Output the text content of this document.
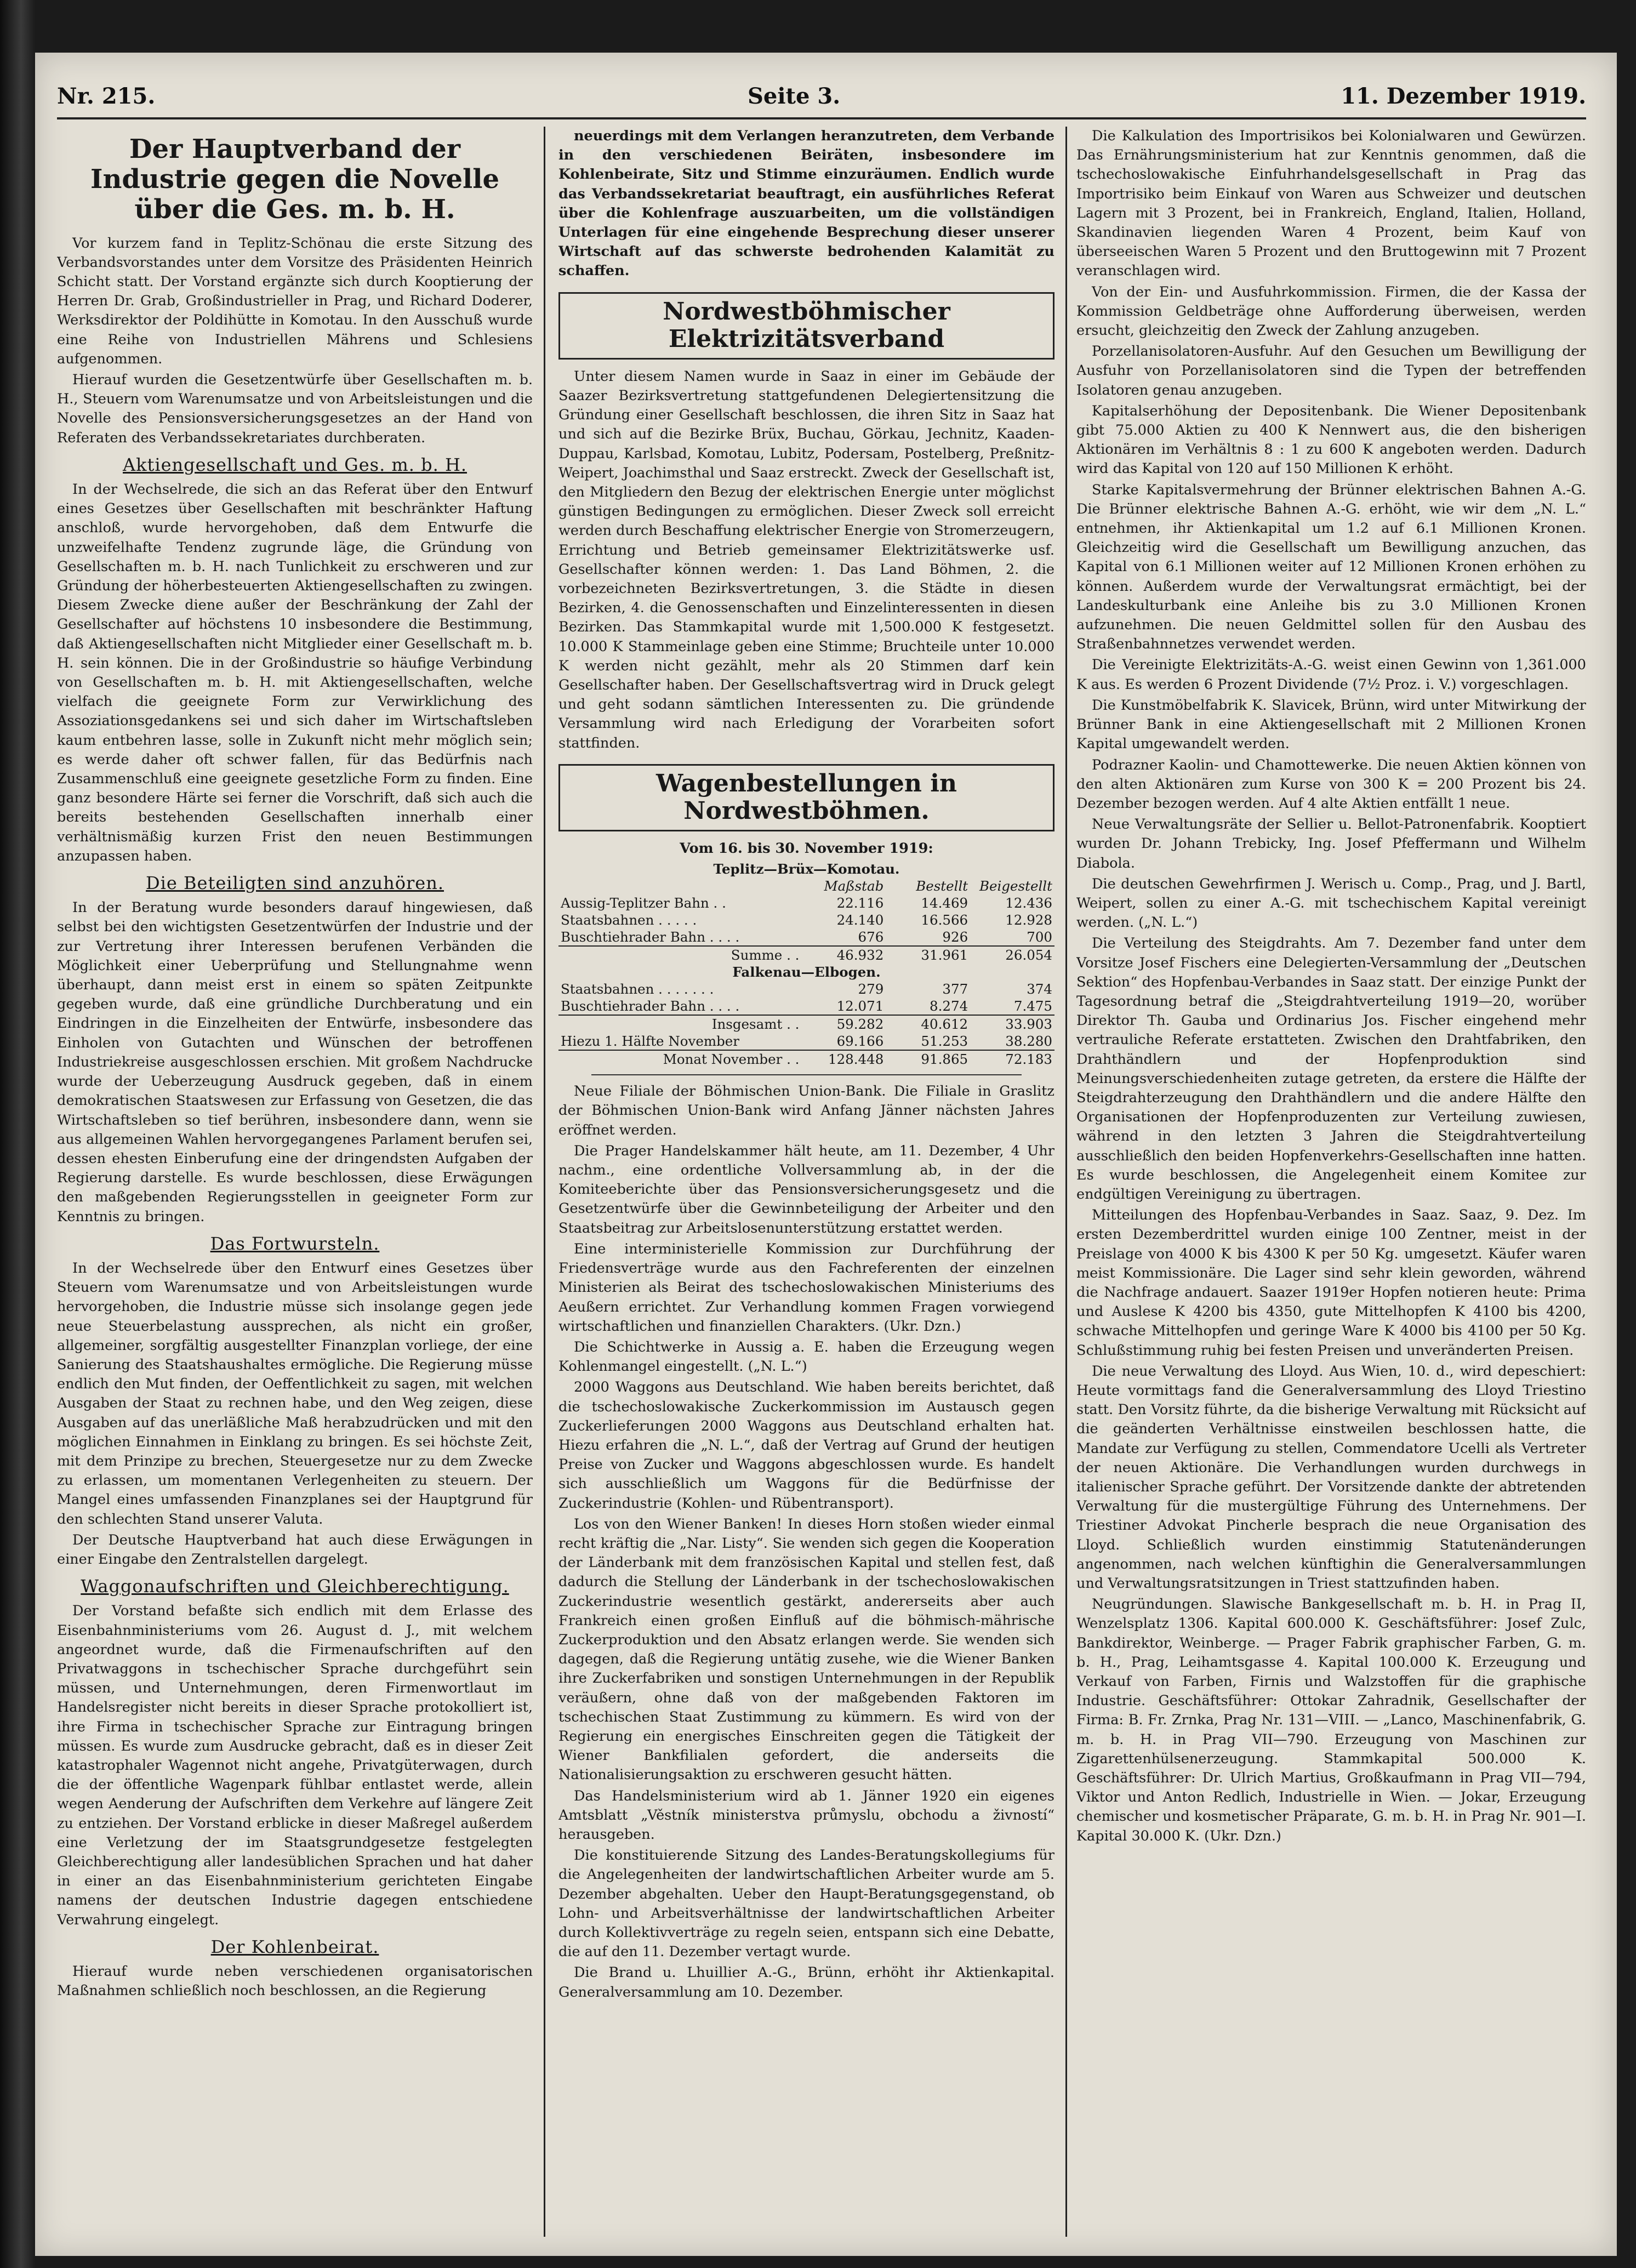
Nr. 215.	Seite 3.	11. Dezember 1919.
Der Hauptverband der Industrie gegen die Novelle über die Ges. m. b. H.

Vor kurzem fand in Teplitz-Schönau die erste Sitzung des Verbandsvorstandes unter dem Vorsitze des Präsidenten Heinrich Schicht statt. Der Vorstand ergänzte sich durch Kooptierung der Herren Dr. Grab, Großindustrieller in Prag, und Richard Doderer, Werksdirektor der Poldihütte in Komotau. In den Ausschuß wurde eine Reihe von Industriellen Mährens und Schlesiens aufgenommen.

Hierauf wurden die Gesetzentwürfe über Gesellschaften m. b. H., Steuern vom Warenumsatze und von Arbeitsleistungen und die Novelle des Pensionsversicherungsgesetzes an der Hand von Referaten des Verbandssekretariates durchberaten.

Aktiengesellschaft und Ges. m. b. H.

In der Wechselrede, die sich an das Referat über den Entwurf eines Gesetzes über Gesellschaften mit beschränkter Haftung anschloß, wurde hervorgehoben, daß dem Entwurfe die unzweifelhafte Tendenz zugrunde läge, die Gründung von Gesellschaften m. b. H. nach Tunlichkeit zu erschweren und zur Gründung der höherbesteuerten Aktiengesellschaften zu zwingen. Diesem Zwecke diene außer der Beschränkung der Zahl der Gesellschafter auf höchstens 10 insbesondere die Bestimmung, daß Aktiengesellschaften nicht Mitglieder einer Gesellschaft m. b. H. sein können. Die in der Großindustrie so häufige Verbindung von Gesellschaften m. b. H. mit Aktiengesellschaften, welche vielfach die geeignete Form zur Verwirklichung des Assoziationsgedankens sei und sich daher im Wirtschaftsleben kaum entbehren lasse, solle in Zukunft nicht mehr möglich sein; es werde daher oft schwer fallen, für das Bedürfnis nach Zusammenschluß eine geeignete gesetzliche Form zu finden. Eine ganz besondere Härte sei ferner die Vorschrift, daß sich auch die bereits bestehenden Gesellschaften innerhalb einer verhältnismäßig kurzen Frist den neuen Bestimmungen anzupassen haben.

Die Beteiligten sind anzuhören.

In der Beratung wurde besonders darauf hingewiesen, daß selbst bei den wichtigsten Gesetzentwürfen der Industrie und der zur Vertretung ihrer Interessen berufenen Verbänden die Möglichkeit einer Ueberprüfung und Stellungnahme wenn überhaupt, dann meist erst in einem so späten Zeitpunkte gegeben wurde, daß eine gründliche Durchberatung und ein Eindringen in die Einzelheiten der Entwürfe, insbesondere das Einholen von Gutachten und Wünschen der betroffenen Industriekreise ausgeschlossen erschien. Mit großem Nachdrucke wurde der Ueberzeugung Ausdruck gegeben, daß in einem demokratischen Staatswesen zur Erfassung von Gesetzen, die das Wirtschaftsleben so tief berühren, insbesondere dann, wenn sie aus allgemeinen Wahlen hervorgegangenes Parlament berufen sei, dessen ehesten Einberufung eine der dringendsten Aufgaben der Regierung darstelle. Es wurde beschlossen, diese Erwägungen den maßgebenden Regierungsstellen in geeigneter Form zur Kenntnis zu bringen.

Das Fortwursteln.

In der Wechselrede über den Entwurf eines Gesetzes über Steuern vom Warenumsatze und von Arbeitsleistungen wurde hervorgehoben, die Industrie müsse sich insolange gegen jede neue Steuerbelastung aussprechen, als nicht ein großer, allgemeiner, sorgfältig ausgestellter Finanzplan vorliege, der eine Sanierung des Staatshaushaltes ermögliche. Die Regierung müsse endlich den Mut finden, der Oeffentlichkeit zu sagen, mit welchen Ausgaben der Staat zu rechnen habe, und den Weg zeigen, diese Ausgaben auf das unerläßliche Maß herabzudrücken und mit den möglichen Einnahmen in Einklang zu bringen. Es sei höchste Zeit, mit dem Prinzipe zu brechen, Steuergesetze nur zu dem Zwecke zu erlassen, um momentanen Verlegenheiten zu steuern. Der Mangel eines umfassenden Finanzplanes sei der Hauptgrund für den schlechten Stand unserer Valuta.

Der Deutsche Hauptverband hat auch diese Erwägungen in einer Eingabe den Zentralstellen dargelegt.

Waggonaufschriften und Gleichberechtigung.

Der Vorstand befaßte sich endlich mit dem Erlasse des Eisenbahnministeriums vom 26. August d. J., mit welchem angeordnet wurde, daß die Firmenaufschriften auf den Privatwaggons in tschechischer Sprache durchgeführt sein müssen, und Unternehmungen, deren Firmenwortlaut im Handelsregister nicht bereits in dieser Sprache protokolliert ist, ihre Firma in tschechischer Sprache zur Eintragung bringen müssen. Es wurde zum Ausdrucke gebracht, daß es in dieser Zeit katastrophaler Wagennot nicht angehe, Privatgüterwagen, durch die der öffentliche Wagenpark fühlbar entlastet werde, allein wegen Aenderung der Aufschriften dem Verkehre auf längere Zeit zu entziehen. Der Vorstand erblicke in dieser Maßregel außerdem eine Verletzung der im Staatsgrundgesetze festgelegten Gleichberechtigung aller landesüblichen Sprachen und hat daher in einer an das Eisenbahnministerium gerichteten Eingabe namens der deutschen Industrie dagegen entschiedene Verwahrung eingelegt.

Der Kohlenbeirat.

Hierauf wurde neben verschiedenen organisatorischen Maßnahmen schließlich noch beschlossen, an die Regierung

neuerdings mit dem Verlangen heranzutreten, dem Verbande in den verschiedenen Beiräten, insbesondere im Kohlenbeirate, Sitz und Stimme einzuräumen. Endlich wurde das Verbandssekretariat beauftragt, ein ausführliches Referat über die Kohlenfrage auszuarbeiten, um die vollständigen Unterlagen für eine eingehende Besprechung dieser unserer Wirtschaft auf das schwerste bedrohenden Kalamität zu schaffen.

Nordwestböhmischer Elektrizitätsverband

Unter diesem Namen wurde in Saaz in einer im Gebäude der Saazer Bezirksvertretung stattgefundenen Delegiertensitzung die Gründung einer Gesellschaft beschlossen, die ihren Sitz in Saaz hat und sich auf die Bezirke Brüx, Buchau, Görkau, Jechnitz, Kaaden-Duppau, Karlsbad, Komotau, Lubitz, Podersam, Postelberg, Preßnitz-Weipert, Joachimsthal und Saaz erstreckt. Zweck der Gesellschaft ist, den Mitgliedern den Bezug der elektrischen Energie unter möglichst günstigen Bedingungen zu ermöglichen. Dieser Zweck soll erreicht werden durch Beschaffung elektrischer Energie von Stromerzeugern, Errichtung und Betrieb gemeinsamer Elektrizitätswerke usf. Gesellschafter können werden: 1. Das Land Böhmen, 2. die vorbezeichneten Bezirksvertretungen, 3. die Städte in diesen Bezirken, 4. die Genossenschaften und Einzelinteressenten in diesen Bezirken. Das Stammkapital wurde mit 1,500.000 K festgesetzt. 10.000 K Stammeinlage geben eine Stimme; Bruchteile unter 10.000 K werden nicht gezählt, mehr als 20 Stimmen darf kein Gesellschafter haben. Der Gesellschaftsvertrag wird in Druck gelegt und geht sodann sämtlichen Interessenten zu. Die gründende Versammlung wird nach Erledigung der Vorarbeiten sofort stattfinden.

Wagenbestellungen in Nordwestböhmen.

Vom 16. bis 30. November 1919:

Teplitz—Brüx—Komotau.			
	Maßstab	Bestellt	Beigestellt
Aussig-Teplitzer Bahn . .	22.116	14.469	12.436
Staatsbahnen . . . . .	24.140	16.566	12.928
Buschtiehrader Bahn . . . .	676	926	700
Summe . .	46.932	31.961	26.054
Falkenau—Elbogen.			
Staatsbahnen . . . . . . .	279	377	374
Buschtiehrader Bahn . . . .	12.071	8.274	7.475
Insgesamt . .	59.282	40.612	33.903
Hiezu 1. Hälfte November	69.166	51.253	38.280
Monat November . .	128.448	91.865	72.183

Neue Filiale der Böhmischen Union-Bank. Die Filiale in Graslitz der Böhmischen Union-Bank wird Anfang Jänner nächsten Jahres eröffnet werden.

Die Prager Handelskammer hält heute, am 11. Dezember, 4 Uhr nachm., eine ordentliche Vollversammlung ab, in der die Komiteeberichte über das Pensionsversicherungsgesetz und die Gesetzentwürfe über die Gewinnbeteiligung der Arbeiter und den Staatsbeitrag zur Arbeitslosenunterstützung erstattet werden.

Eine interministerielle Kommission zur Durchführung der Friedensverträge wurde aus den Fachreferenten der einzelnen Ministerien als Beirat des tschechoslowakischen Ministeriums des Aeußern errichtet. Zur Verhandlung kommen Fragen vorwiegend wirtschaftlichen und finanziellen Charakters. (Ukr. Dzn.)

Die Schichtwerke in Aussig a. E. haben die Erzeugung wegen Kohlenmangel eingestellt. („N. L.“)

2000 Waggons aus Deutschland. Wie haben bereits berichtet, daß die tschechoslowakische Zuckerkommission im Austausch gegen Zuckerlieferungen 2000 Waggons aus Deutschland erhalten hat. Hiezu erfahren die „N. L.“, daß der Vertrag auf Grund der heutigen Preise von Zucker und Waggons abgeschlossen wurde. Es handelt sich ausschließlich um Waggons für die Bedürfnisse der Zuckerindustrie (Kohlen- und Rübentransport).

Los von den Wiener Banken! In dieses Horn stoßen wieder einmal recht kräftig die „Nar. Listy“. Sie wenden sich gegen die Kooperation der Länderbank mit dem französischen Kapital und stellen fest, daß dadurch die Stellung der Länderbank in der tschechoslowakischen Zuckerindustrie wesentlich gestärkt, andererseits aber auch Frankreich einen großen Einfluß auf die böhmisch-mährische Zuckerproduktion und den Absatz erlangen werde. Sie wenden sich dagegen, daß die Regierung untätig zusehe, wie die Wiener Banken ihre Zuckerfabriken und sonstigen Unternehmungen in der Republik veräußern, ohne daß von der maßgebenden Faktoren im tschechischen Staat Zustimmung zu kümmern. Es wird von der Regierung ein energisches Einschreiten gegen die Tätigkeit der Wiener Bankfilialen gefordert, die anderseits die Nationalisierungsaktion zu erschweren gesucht hätten.

Das Handelsministerium wird ab 1. Jänner 1920 ein eigenes Amtsblatt „Věstník ministerstva průmyslu, obchodu a živností“ herausgeben.

Die konstituierende Sitzung des Landes-Beratungskollegiums für die Angelegenheiten der landwirtschaftlichen Arbeiter wurde am 5. Dezember abgehalten. Ueber den Haupt-Beratungsgegenstand, ob Lohn- und Arbeitsverhältnisse der landwirtschaftlichen Arbeiter durch Kollektivverträge zu regeln seien, entspann sich eine Debatte, die auf den 11. Dezember vertagt wurde.

Die Brand u. Lhuillier A.-G., Brünn, erhöht ihr Aktienkapital. Generalversammlung am 10. Dezember.

Die Kalkulation des Importrisikos bei Kolonialwaren und Gewürzen. Das Ernährungsministerium hat zur Kenntnis genommen, daß die tschechoslowakische Einfuhrhandelsgesellschaft in Prag das Importrisiko beim Einkauf von Waren aus Schweizer und deutschen Lagern mit 3 Prozent, bei in Frankreich, England, Italien, Holland, Skandinavien liegenden Waren 4 Prozent, beim Kauf von überseeischen Waren 5 Prozent und den Bruttogewinn mit 7 Prozent veranschlagen wird.

Von der Ein- und Ausfuhrkommission. Firmen, die der Kassa der Kommission Geldbeträge ohne Aufforderung überweisen, werden ersucht, gleichzeitig den Zweck der Zahlung anzugeben.

Porzellanisolatoren-Ausfuhr. Auf den Gesuchen um Bewilligung der Ausfuhr von Porzellanisolatoren sind die Typen der betreffenden Isolatoren genau anzugeben.

Kapitalserhöhung der Depositenbank. Die Wiener Depositenbank gibt 75.000 Aktien zu 400 K Nennwert aus, die den bisherigen Aktionären im Verhältnis 8 : 1 zu 600 K angeboten werden. Dadurch wird das Kapital von 120 auf 150 Millionen K erhöht.

Starke Kapitalsvermehrung der Brünner elektrischen Bahnen A.-G. Die Brünner elektrische Bahnen A.-G. erhöht, wie wir dem „N. L.“ entnehmen, ihr Aktienkapital um 1.2 auf 6.1 Millionen Kronen. Gleichzeitig wird die Gesellschaft um Bewilligung anzuchen, das Kapital von 6.1 Millionen weiter auf 12 Millionen Kronen erhöhen zu können. Außerdem wurde der Verwaltungsrat ermächtigt, bei der Landeskulturbank eine Anleihe bis zu 3.0 Millionen Kronen aufzunehmen. Die neuen Geldmittel sollen für den Ausbau des Straßenbahnnetzes verwendet werden.

Die Vereinigte Elektrizitäts-A.-G. weist einen Gewinn von 1,361.000 K aus. Es werden 6 Prozent Dividende (7½ Proz. i. V.) vorgeschlagen.

Die Kunstmöbelfabrik K. Slavicek, Brünn, wird unter Mitwirkung der Brünner Bank in eine Aktiengesellschaft mit 2 Millionen Kronen Kapital umgewandelt werden.

Podrazner Kaolin- und Chamottewerke. Die neuen Aktien können von den alten Aktionären zum Kurse von 300 K = 200 Prozent bis 24. Dezember bezogen werden. Auf 4 alte Aktien entfällt 1 neue.

Neue Verwaltungsräte der Sellier u. Bellot-Patronenfabrik. Kooptiert wurden Dr. Johann Trebicky, Ing. Josef Pfeffermann und Wilhelm Diabola.

Die deutschen Gewehrfirmen J. Werisch u. Comp., Prag, und J. Bartl, Weipert, sollen zu einer A.-G. mit tschechischem Kapital vereinigt werden. („N. L.“)

Die Verteilung des Steigdrahts. Am 7. Dezember fand unter dem Vorsitze Josef Fischers eine Delegierten-Versammlung der „Deutschen Sektion“ des Hopfenbau-Verbandes in Saaz statt. Der einzige Punkt der Tagesordnung betraf die „Steigdrahtverteilung 1919—20, worüber Direktor Th. Gauba und Ordinarius Jos. Fischer eingehend mehr vertrauliche Referate erstatteten. Zwischen den Drahtfabriken, den Drahthändlern und der Hopfenproduktion sind Meinungsverschiedenheiten zutage getreten, da erstere die Hälfte der Steigdrahterzeugung den Drahthändlern und die andere Hälfte den Organisationen der Hopfenproduzenten zur Verteilung zuwiesen, während in den letzten 3 Jahren die Steigdrahtverteilung ausschließlich den beiden Hopfenverkehrs-Gesellschaften inne hatten. Es wurde beschlossen, die Angelegenheit einem Komitee zur endgültigen Vereinigung zu übertragen.

Mitteilungen des Hopfenbau-Verbandes in Saaz. Saaz, 9. Dez. Im ersten Dezemberdrittel wurden einige 100 Zentner, meist in der Preislage von 4000 K bis 4300 K per 50 Kg. umgesetzt. Käufer waren meist Kommissionäre. Die Lager sind sehr klein geworden, während die Nachfrage andauert. Saazer 1919er Hopfen notieren heute: Prima und Auslese K 4200 bis 4350, gute Mittelhopfen K 4100 bis 4200, schwache Mittelhopfen und geringe Ware K 4000 bis 4100 per 50 Kg. Schlußstimmung ruhig bei festen Preisen und unveränderten Preisen.

Die neue Verwaltung des Lloyd. Aus Wien, 10. d., wird depeschiert: Heute vormittags fand die Generalversammlung des Lloyd Triestino statt. Den Vorsitz führte, da die bisherige Verwaltung mit Rücksicht auf die geänderten Verhältnisse einstweilen beschlossen hatte, die Mandate zur Verfügung zu stellen, Commendatore Ucelli als Vertreter der neuen Aktionäre. Die Verhandlungen wurden durchwegs in italienischer Sprache geführt. Der Vorsitzende dankte der abtretenden Verwaltung für die mustergültige Führung des Unternehmens. Der Triestiner Advokat Pincherle besprach die neue Organisation des Lloyd. Schließlich wurden einstimmig Statutenänderungen angenommen, nach welchen künftighin die Generalversammlungen und Verwaltungsratsitzungen in Triest stattzufinden haben.

Neugründungen. Slawische Bankgesellschaft m. b. H. in Prag II, Wenzelsplatz 1306. Kapital 600.000 K. Geschäftsführer: Josef Zulc, Bankdirektor, Weinberge. — Prager Fabrik graphischer Farben, G. m. b. H., Prag, Leihamtsgasse 4. Kapital 100.000 K. Erzeugung und Verkauf von Farben, Firnis und Walzstoffen für die graphische Industrie. Geschäftsführer: Ottokar Zahradnik, Gesellschafter der Firma: B. Fr. Zrnka, Prag Nr. 131—VIII. — „Lanco, Maschinenfabrik, G. m. b. H. in Prag VII—790. Erzeugung von Maschinen zur Zigarettenhülsenerzeugung. Stammkapital 500.000 K. Geschäftsführer: Dr. Ulrich Martius, Großkaufmann in Prag VII—794, Viktor und Anton Redlich, Industrielle in Wien. — Jokar, Erzeugung chemischer und kosmetischer Präparate, G. m. b. H. in Prag Nr. 901—I. Kapital 30.000 K. (Ukr. Dzn.)
